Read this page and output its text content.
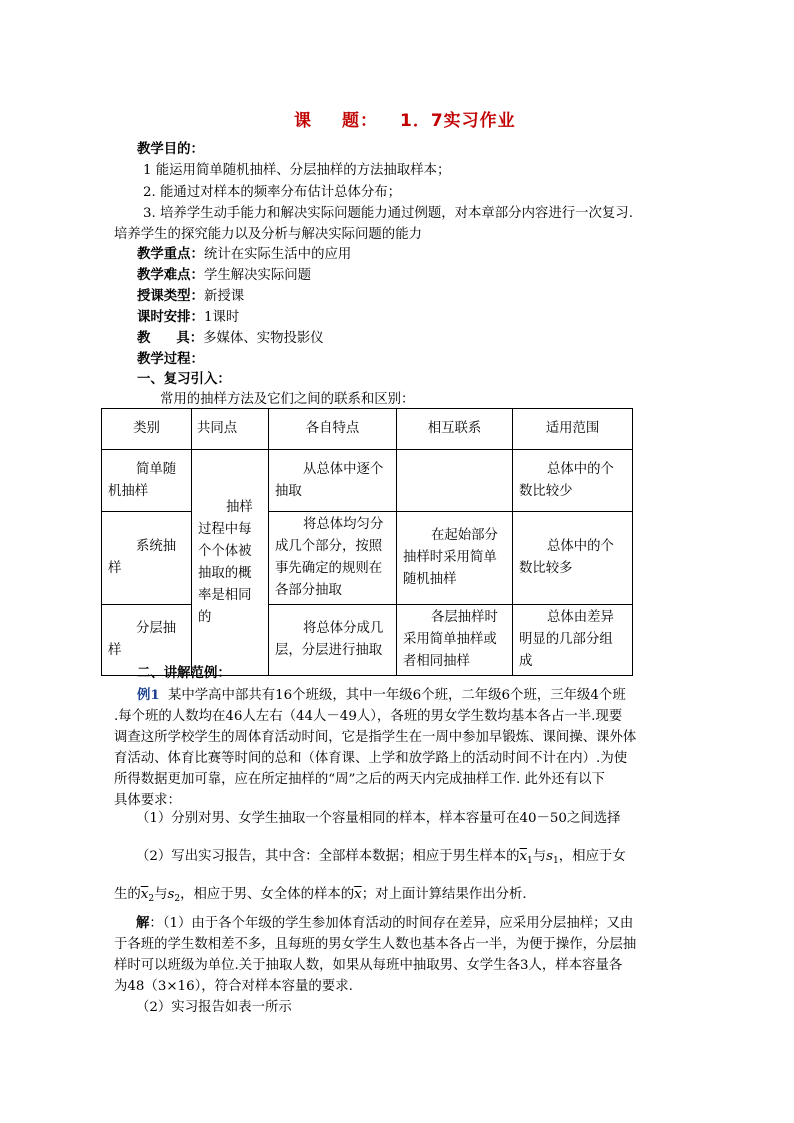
课 题： 1．7实习作业
教学目的：
1 能运用简单随机抽样、分层抽样的方法抽取样本；
2. 能通过对样本的频率分布估计总体分布；
3. 培养学生动手能力和解决实际问题能力通过例题，对本章部分内容进行一次复习.
培养学生的探究能力以及分析与解决实际问题的能力
教学重点：统计在实际生活中的应用
教学难点：学生解决实际问题
授课类型：新授课
课时安排：1课时
教 具：多媒体、实物投影仪
教学过程：
一、复习引入：
常用的抽样方法及它们之间的联系和区别：
类别	共同点	各自特点	相互联系	适用范围
简单随机抽样	抽样过程中每个个体被抽取的概率是相同的	从总体中逐个抽取		总体中的个数比较少
系统抽样		将总体均匀分成几个部分，按照事先确定的规则在各部分抽取	在起始部分抽样时采用简单随机抽样	总体中的个数比较多
分层抽样		将总体分成几层，分层进行抽取	各层抽样时采用简单抽样或者相同抽样	总体由差异明显的几部分组成
二、讲解范例：
例1 某中学高中部共有16个班级，其中一年级6个班，二年级6个班，三年级4个班
.每个班的人数均在46人左右（44人－49人），各班的男女学生数均基本各占一半.现要
调查这所学校学生的周体育活动时间，它是指学生在一周中参加早锻炼、课间操、课外体
育活动、体育比赛等时间的总和（体育课、上学和放学路上的活动时间不计在内）.为使
所得数据更加可靠，应在所定抽样的“周”之后的两天内完成抽样工作. 此外还有以下
具体要求：
（1）分别对男、女学生抽取一个容量相同的样本，样本容量可在40－50之间选择
（2）写出实习报告，其中含：全部样本数据；相应于男生样本的$\overline{x}_1$与$s_1$，相应于女
生的$\overline{x}_2$与$s_2$，相应于男、女全体的样本的$\overline{x}$；对上面计算结果作出分析.
解：（1）由于各个年级的学生参加体育活动的时间存在差异，应采用分层抽样；又由
于各班的学生数相差不多，且每班的男女学生人数也基本各占一半，为便于操作，分层抽
样时可以班级为单位.关于抽取人数，如果从每班中抽取男、女学生各3人，样本容量各
为48（3×16），符合对样本容量的要求.
（2）实习报告如表一所示
